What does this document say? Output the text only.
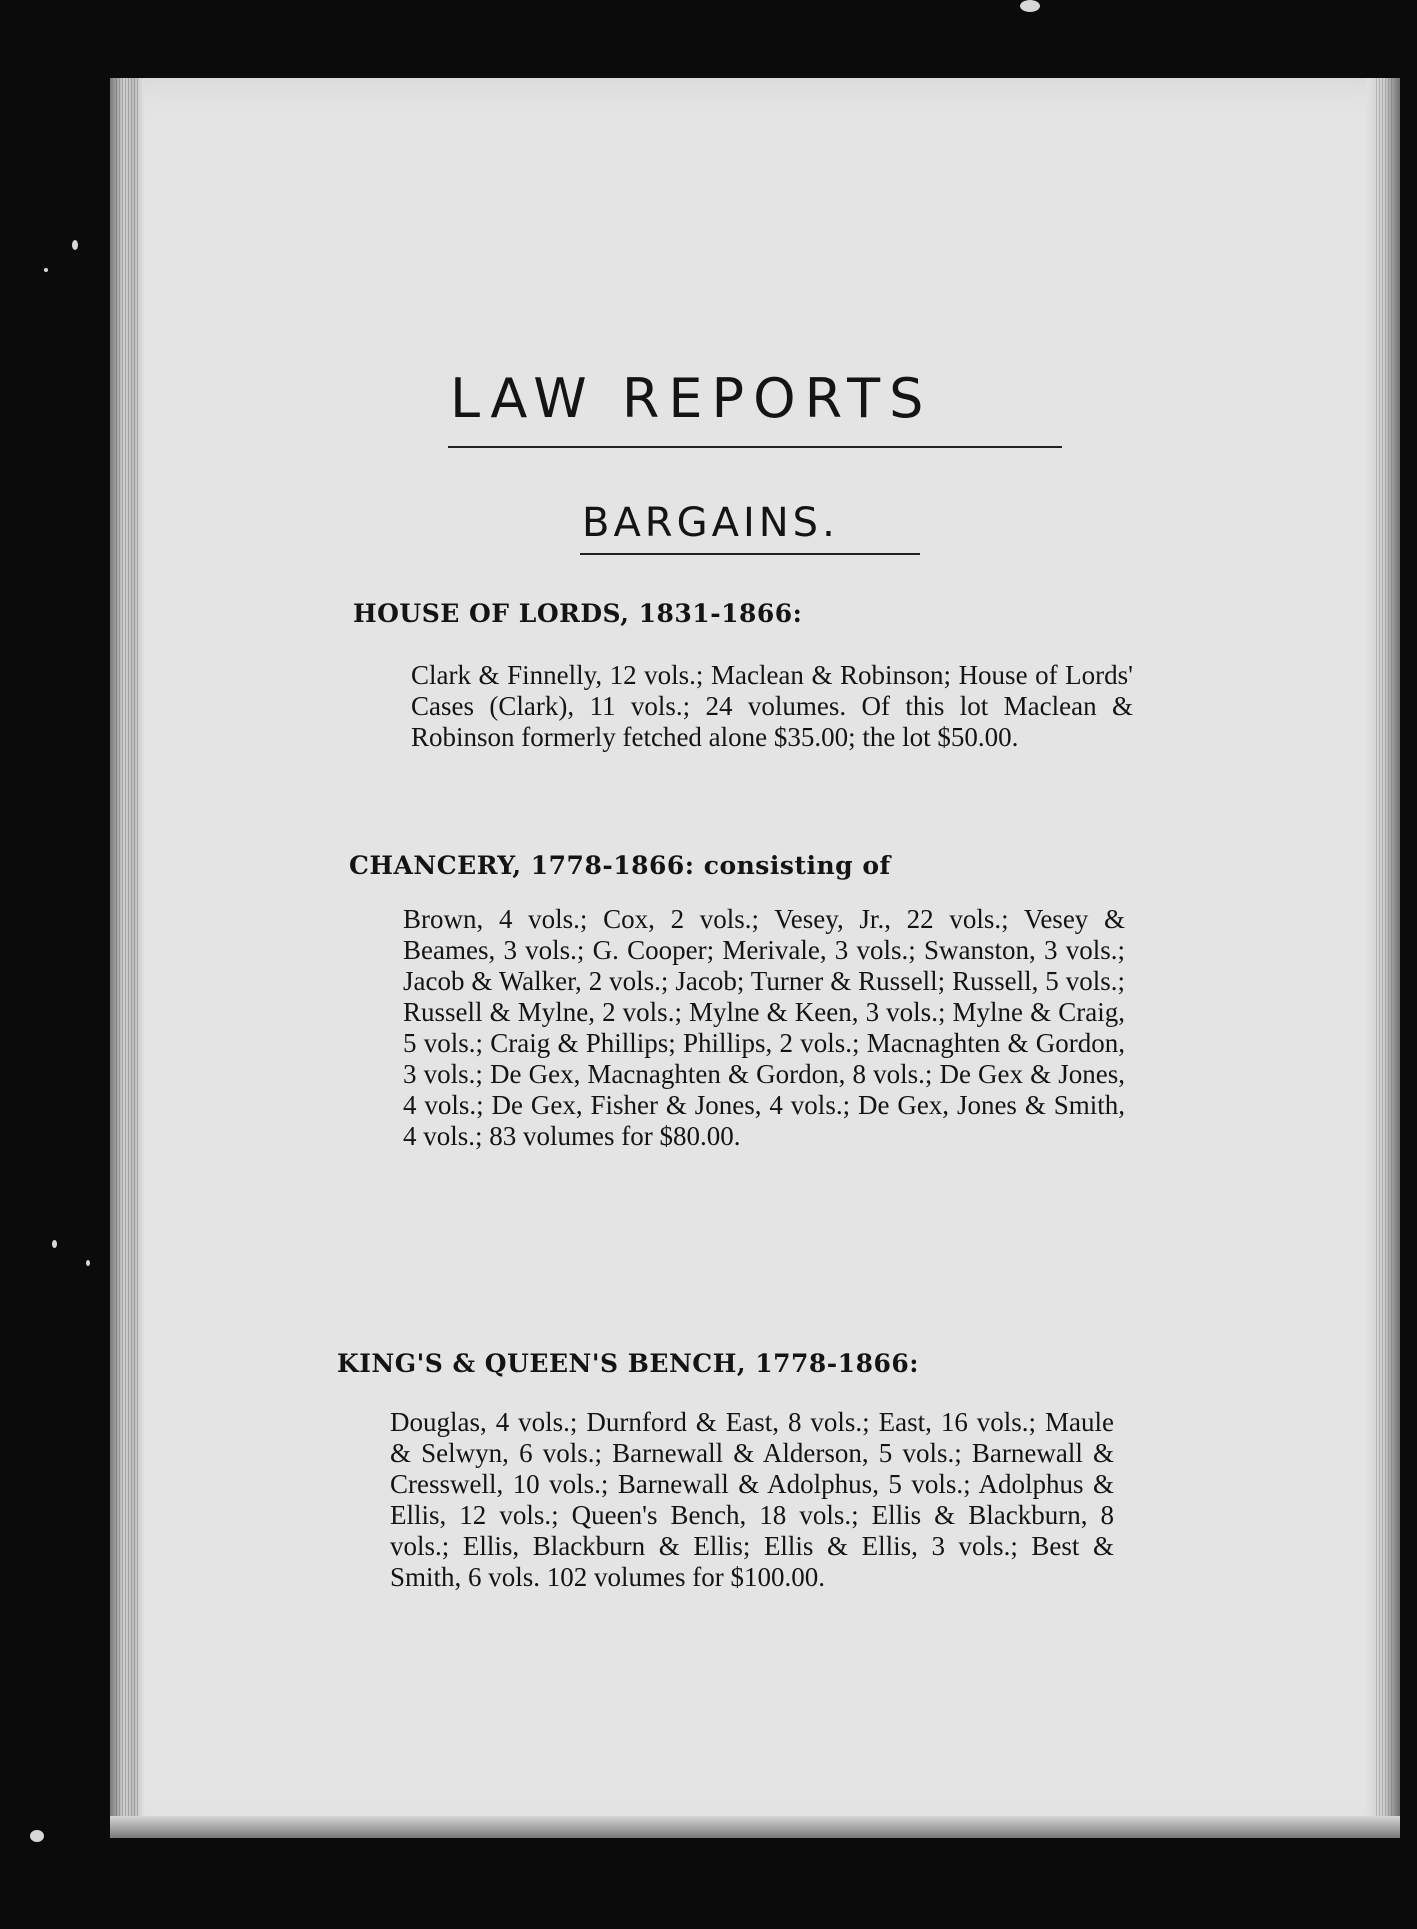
LAW REPORTS
BARGAINS.
HOUSE OF LORDS, 1831-1866:

Clark & Finnelly, 12 vols.; Maclean & Robinson; House of Lords' Cases (Clark), 11 vols.; 24 volumes. Of this lot Maclean & Robinson formerly fetched alone $35.00; the lot $50.00.

CHANCERY, 1778-1866: consisting of

Brown, 4 vols.; Cox, 2 vols.; Vesey, Jr., 22 vols.; Vesey & Beames, 3 vols.; G. Cooper; Merivale, 3 vols.; Swanston, 3 vols.; Jacob & Walker, 2 vols.; Jacob; Turner & Russell; Russell, 5 vols.; Russell & Mylne, 2 vols.; Mylne & Keen, 3 vols.; Mylne & Craig, 5 vols.; Craig & Phillips; Phillips, 2 vols.; Macnaghten & Gordon, 3 vols.; De Gex, Macnaghten & Gordon, 8 vols.; De Gex & Jones, 4 vols.; De Gex, Fisher & Jones, 4 vols.; De Gex, Jones & Smith, 4 vols.; 83 volumes for $80.00.

KING'S & QUEEN'S BENCH, 1778-1866:

Douglas, 4 vols.; Durnford & East, 8 vols.; East, 16 vols.; Maule & Selwyn, 6 vols.; Barnewall & Alderson, 5 vols.; Barnewall & Cresswell, 10 vols.; Barnewall & Adolphus, 5 vols.; Adolphus & Ellis, 12 vols.; Queen's Bench, 18 vols.; Ellis & Blackburn, 8 vols.; Ellis, Blackburn & Ellis; Ellis & Ellis, 3 vols.; Best & Smith, 6 vols. 102 volumes for $100.00.
